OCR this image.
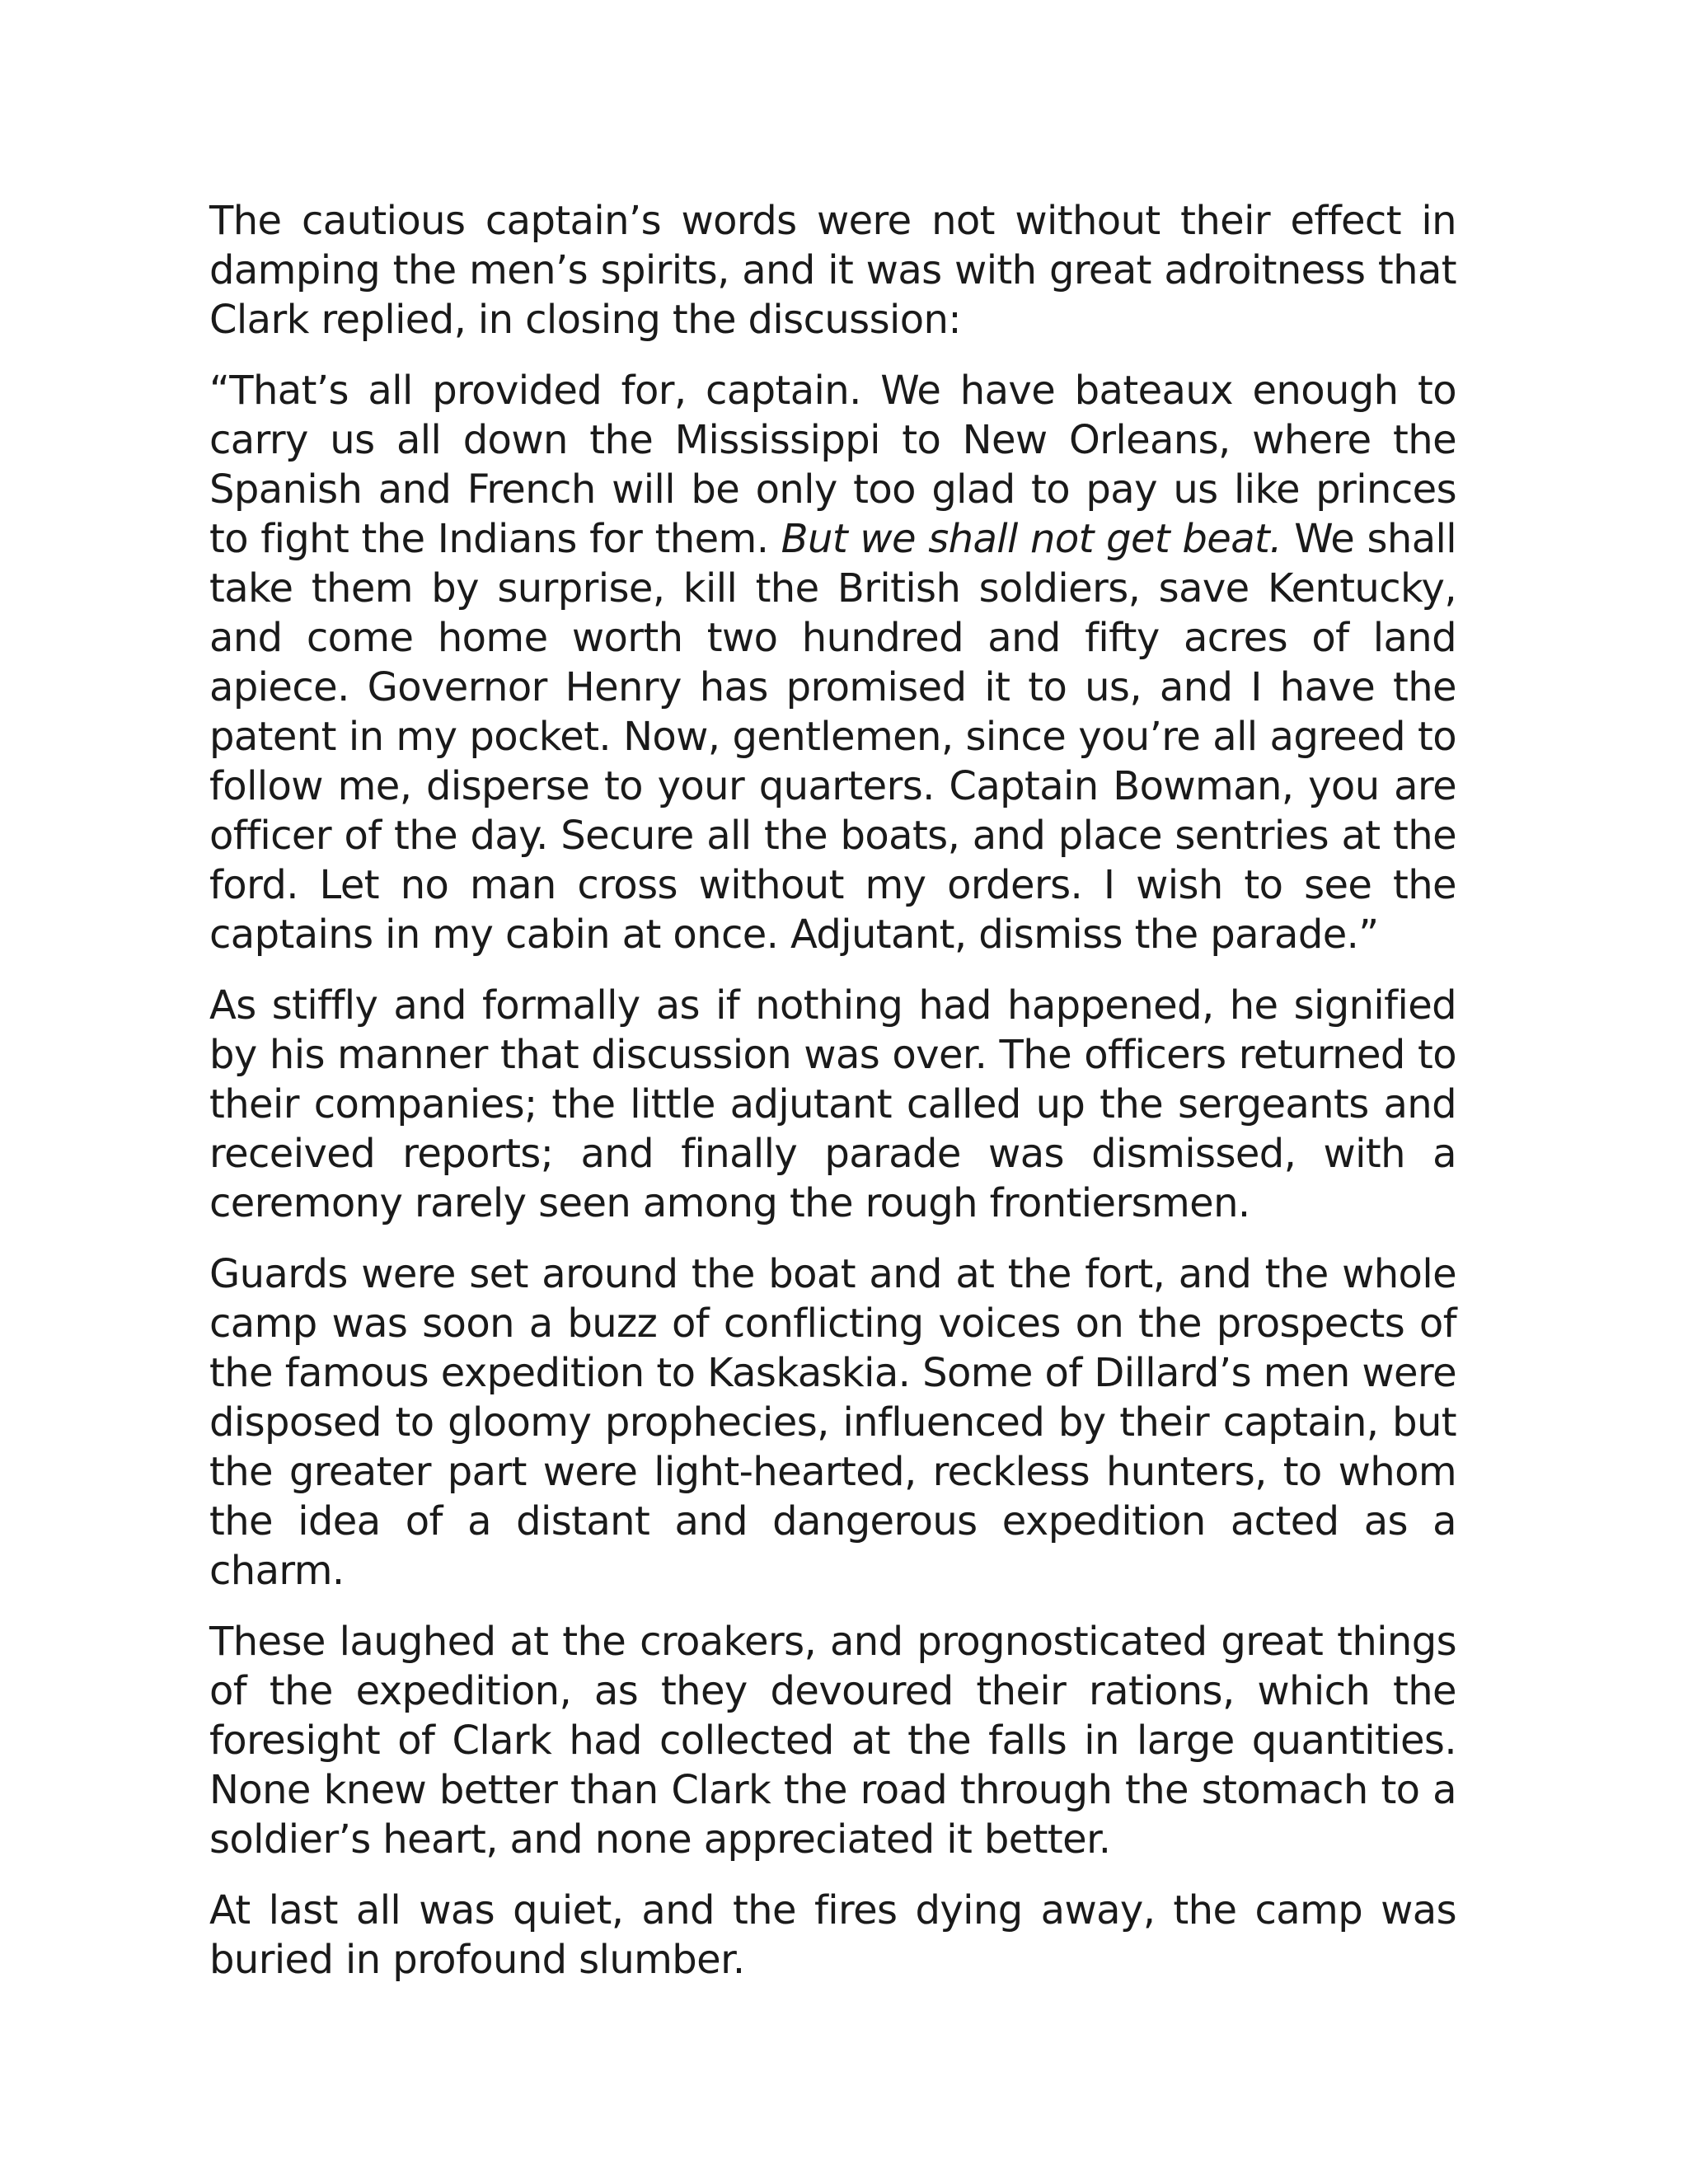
The cautious captain’s words were not without their effect in damping the men’s spirits, and it was with great adroitness that Clark replied, in closing the discussion:

“That’s all provided for, captain. We have bateaux enough to carry us all down the Mississippi to New Orleans, where the Spanish and French will be only too glad to pay us like princes to fight the Indians for them. But we shall not get beat. We shall take them by surprise, kill the British soldiers, save Kentucky, and come home worth two hundred and fifty acres of land apiece. Governor Henry has promised it to us, and I have the patent in my pocket. Now, gentlemen, since you’re all agreed to follow me, disperse to your quarters. Captain Bowman, you are officer of the day. Secure all the boats, and place sentries at the ford. Let no man cross without my orders. I wish to see the captains in my cabin at once. Adjutant, dismiss the parade.”

As stiffly and formally as if nothing had happened, he signified by his manner that discussion was over. The officers returned to their companies; the little adjutant called up the sergeants and received reports; and finally parade was dismissed, with a ceremony rarely seen among the rough frontiersmen.

Guards were set around the boat and at the fort, and the whole camp was soon a buzz of conflicting voices on the prospects of the famous expedition to Kaskaskia. Some of Dillard’s men were disposed to gloomy prophecies, influenced by their captain, but the greater part were light-hearted, reckless hunters, to whom the idea of a distant and dangerous expedition acted as a charm.

These laughed at the croakers, and prognosticated great things of the expedition, as they devoured their rations, which the foresight of Clark had collected at the falls in large quantities. None knew better than Clark the road through the stomach to a soldier’s heart, and none appreciated it better.

At last all was quiet, and the fires dying away, the camp was buried in profound slumber.
